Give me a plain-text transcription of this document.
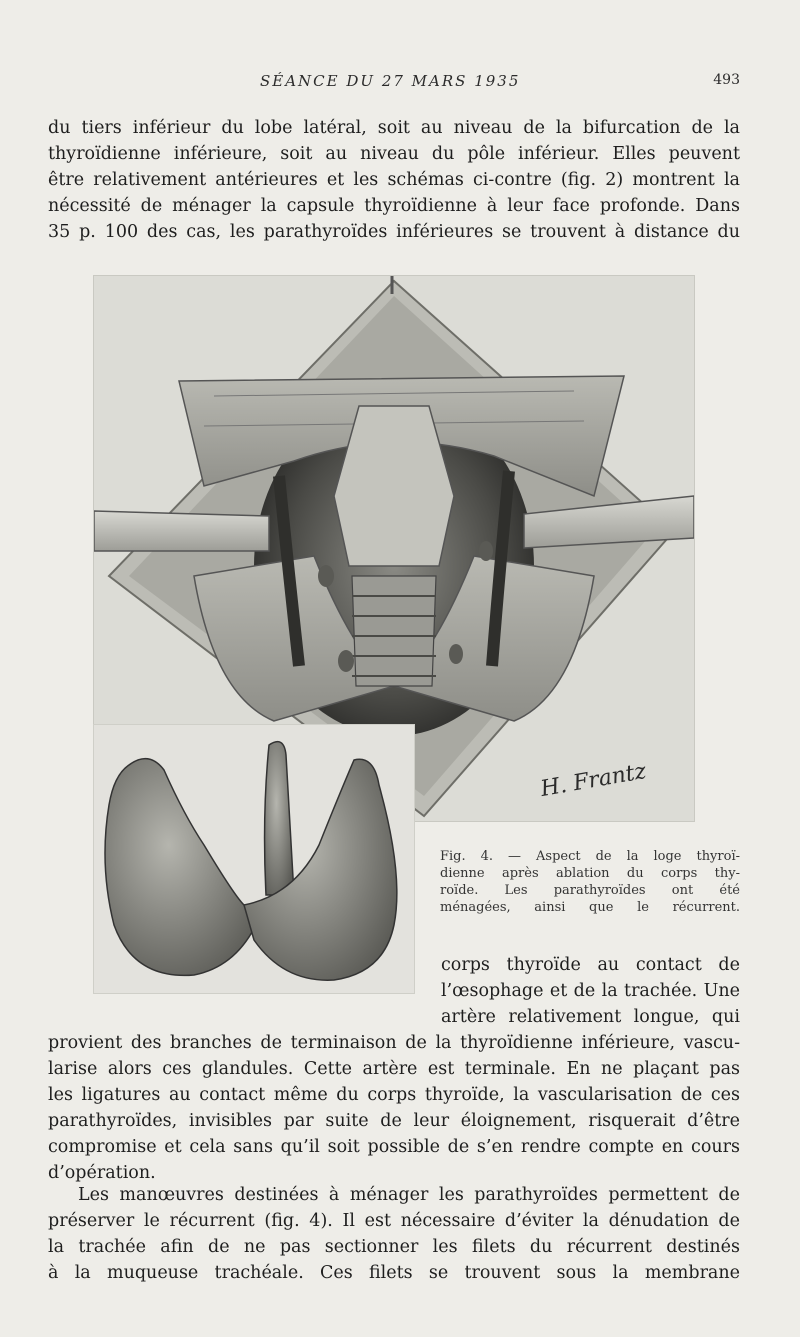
SÉANCE DU 27 MARS 1935	493
du tiers inférieur du lobe latéral, soit au niveau de la bifurcation de la
thyroïdienne inférieure, soit au niveau du pôle inférieur. Elles peuvent
être relativement antérieures et les schémas ci-contre (fig. 2) montrent la
nécessité de ménager la capsule thyroïdienne à leur face profonde. Dans
35 p. 100 des cas, les parathyroïdes inférieures se trouvent à distance du
H. Frantz
Fig. 4. — Aspect de la loge thyroï-
dienne après ablation du corps thy-
roïde. Les parathyroïdes ont été
ménagées, ainsi que le récurrent.
corps thyroïde au contact de
l’œsophage et de la trachée. Une
artère relativement longue, qui
provient des branches de terminaison de la thyroïdienne inférieure, vascu-
larise alors ces glandules. Cette artère est terminale. En ne plaçant pas
les ligatures au contact même du corps thyroïde, la vascularisation de ces
parathyroïdes, invisibles par suite de leur éloignement, risquerait d’être
compromise et cela sans qu’il soit possible de s’en rendre compte en cours
d’opération.
Les manœuvres destinées à ménager les parathyroïdes permettent de
préserver le récurrent (fig. 4). Il est nécessaire d’éviter la dénudation de
la trachée afin de ne pas sectionner les filets du récurrent destinés
à la muqueuse trachéale. Ces filets se trouvent sous la membrane
